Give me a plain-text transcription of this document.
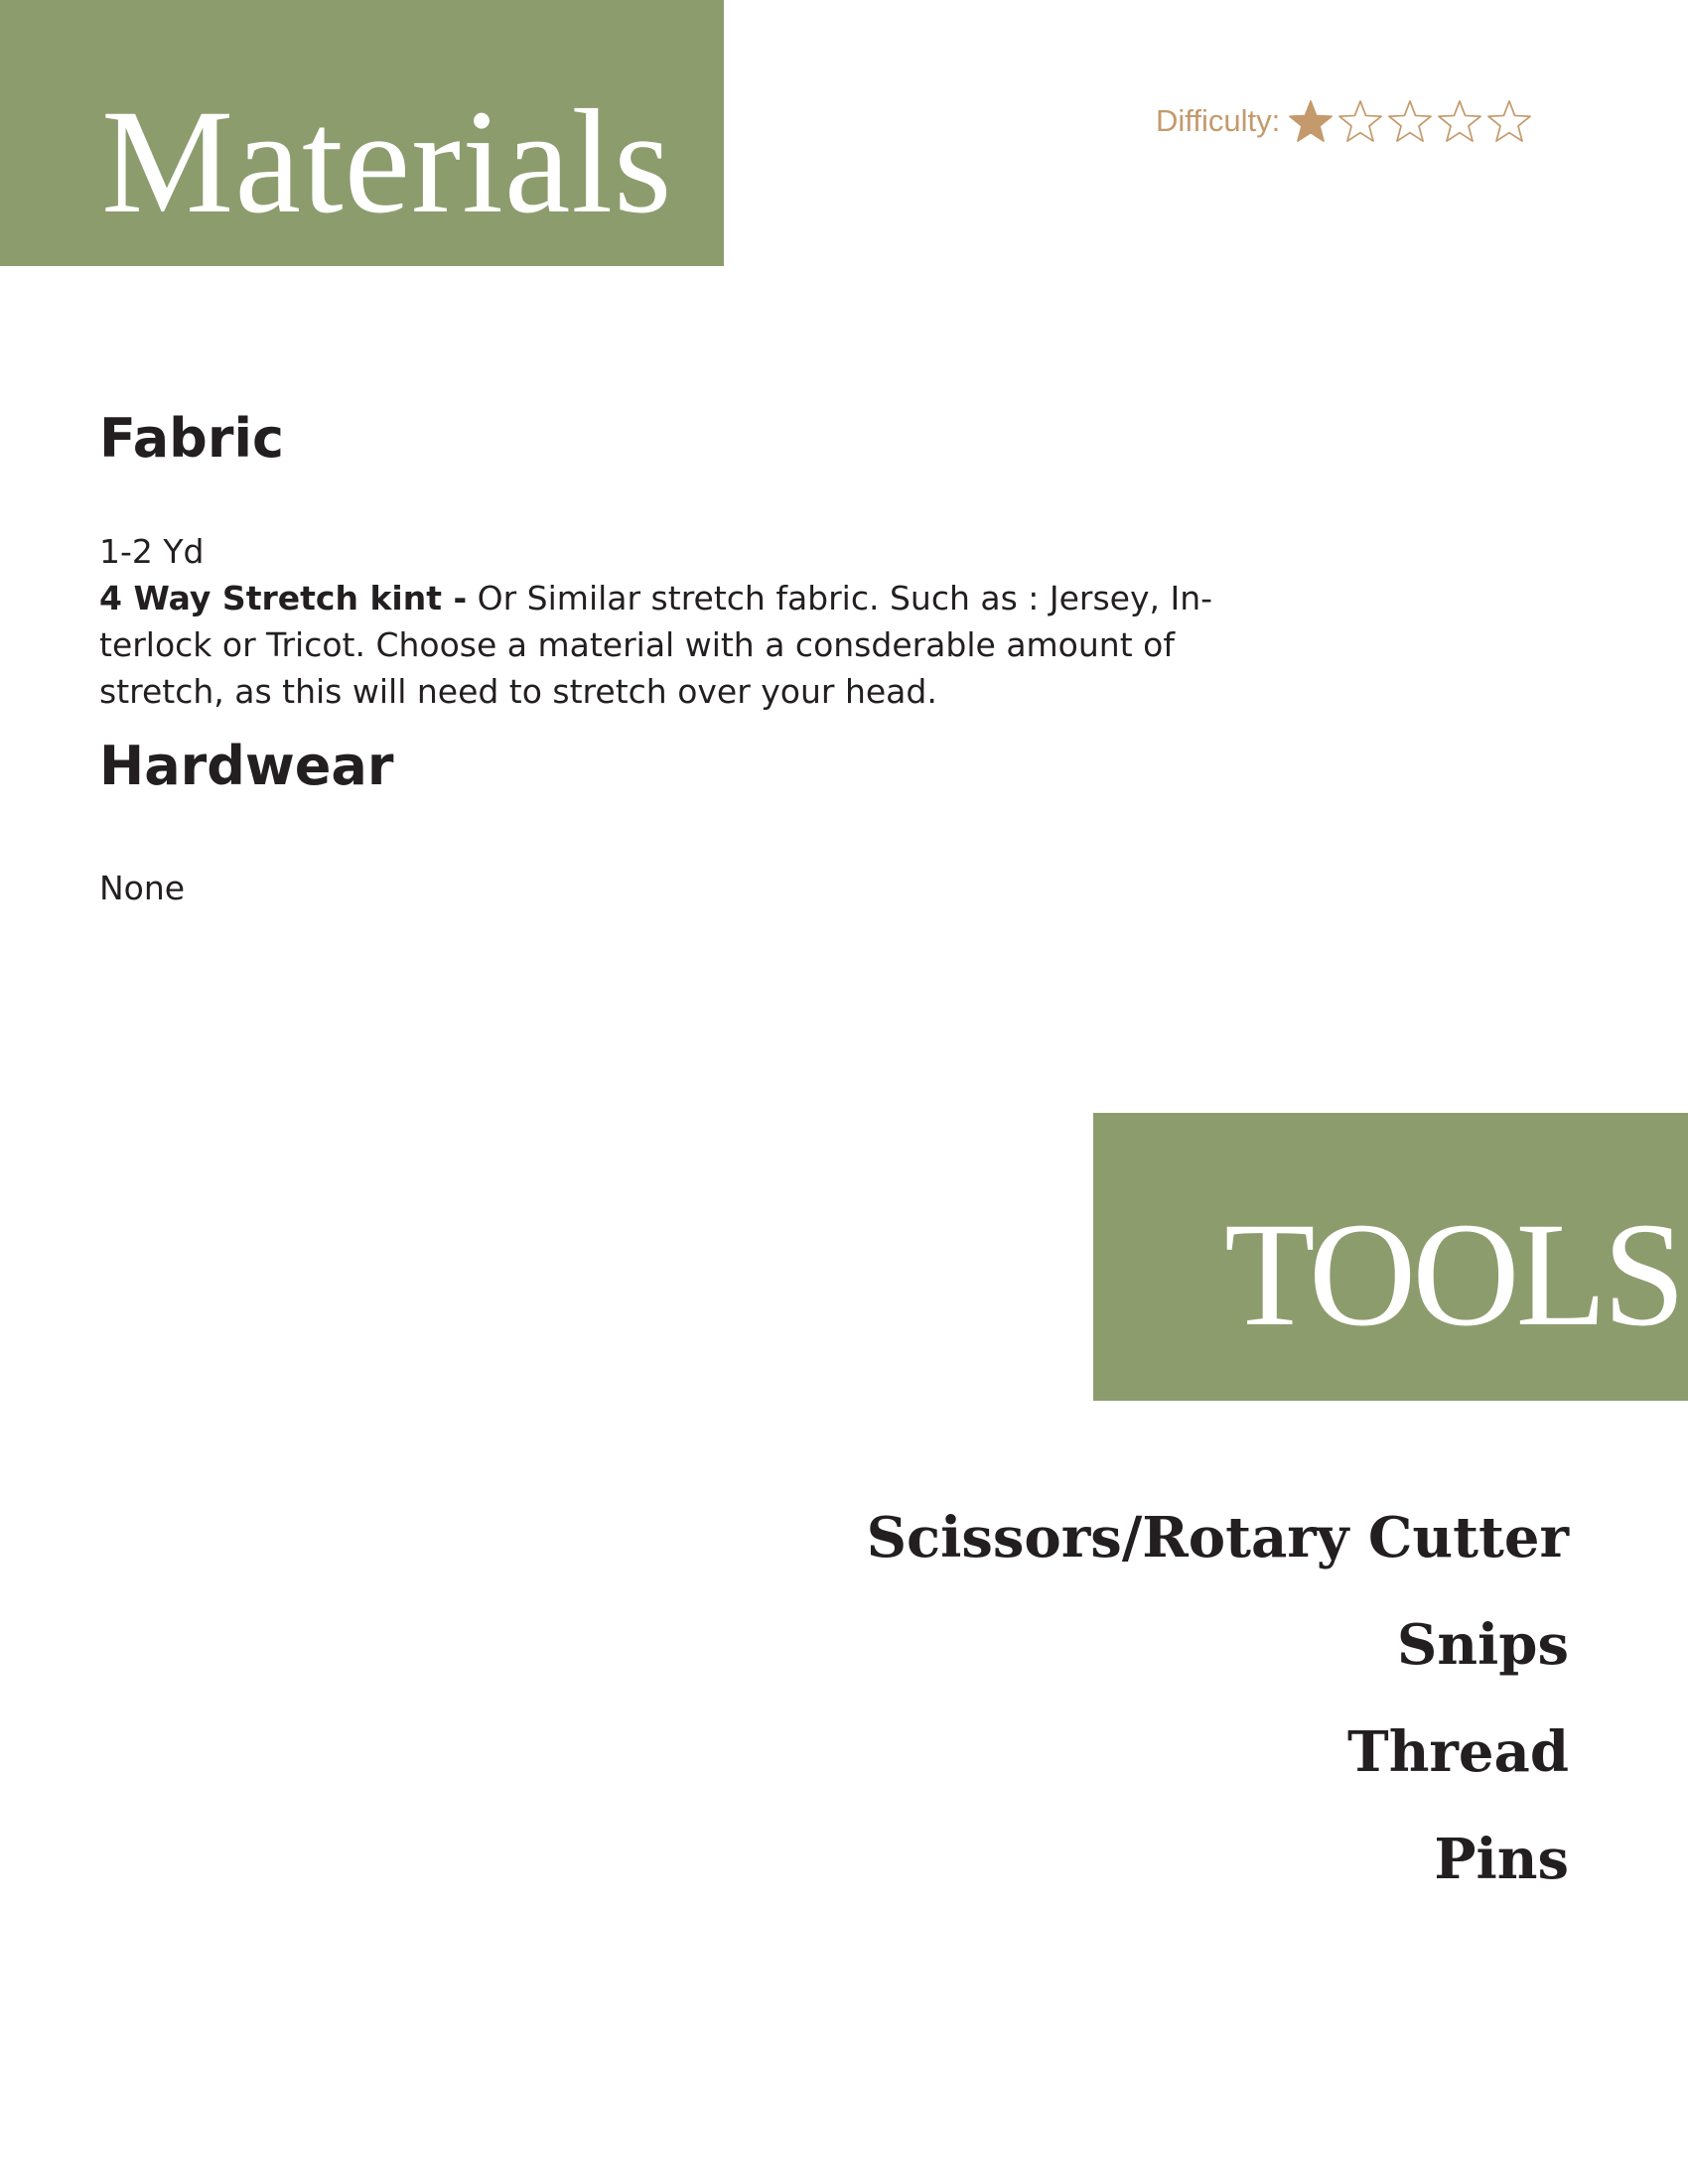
Materials	Difficulty:
Fabric
1-2 Yd
4 Way Stretch kint - Or Similar stretch fabric. Such as : Jersey, In-
terlock or Tricot. Choose a material with a consderable amount of
stretch, as this will need to stretch over your head.
Hardwear
None
TOOLS
Scissors/Rotary Cutter
Snips
Thread
Pins
